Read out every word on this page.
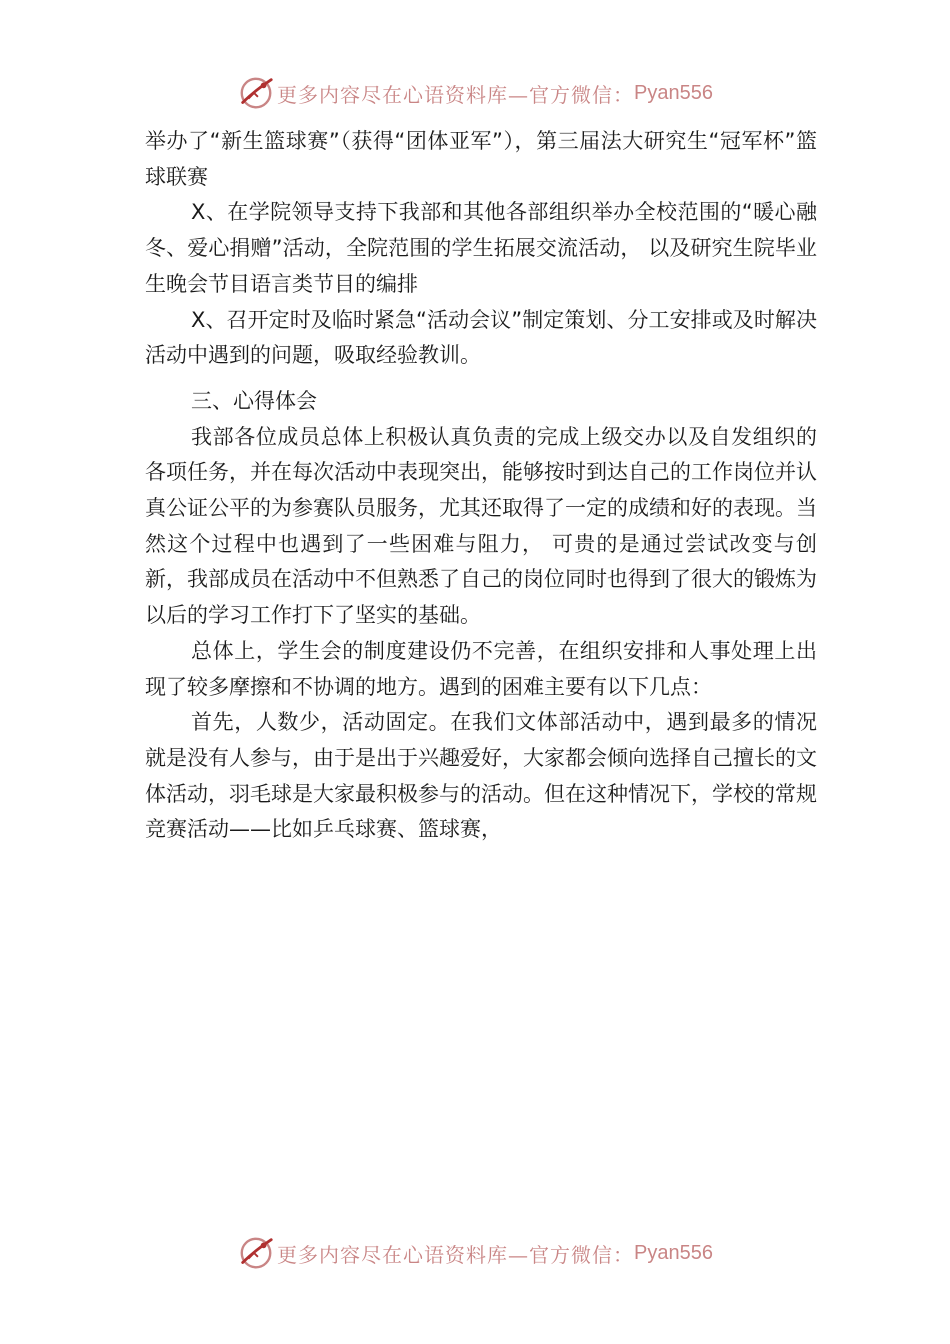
更多内容尽在心语资料库—官方微信： Pyan556

举办了“新生篮球赛”（获得“团体亚军”），第三届法大研究生“冠军杯”篮球联赛

X、在学院领导支持下我部和其他各部组织举办全校范围的“暖心融冬、爱心捐赠”活动，全院范围的学生拓展交流活动， 以及研究生院毕业生晚会节目语言类节目的编排

X、召开定时及临时紧急“活动会议”制定策划、分工安排或及时解决活动中遇到的问题，吸取经验教训。

三、心得体会

我部各位成员总体上积极认真负责的完成上级交办以及自发组织的各项任务，并在每次活动中表现突出，能够按时到达自己的工作岗位并认真公证公平的为参赛队员服务，尤其还取得了一定的成绩和好的表现。当然这个过程中也遇到了一些困难与阻力， 可贵的是通过尝试改变与创新，我部成员在活动中不但熟悉了自己的岗位同时也得到了很大的锻炼为以后的学习工作打下了坚实的基础。

总体上，学生会的制度建设仍不完善，在组织安排和人事处理上出现了较多摩擦和不协调的地方。遇到的困难主要有以下几点：

首先，人数少，活动固定。在我们文体部活动中，遇到最多的情况就是没有人参与，由于是出于兴趣爱好，大家都会倾向选择自己擅长的文体活动，羽毛球是大家最积极参与的活动。但在这种情况下，学校的常规竞赛活动——比如乒乓球赛、篮球赛，

更多内容尽在心语资料库—官方微信： Pyan556
